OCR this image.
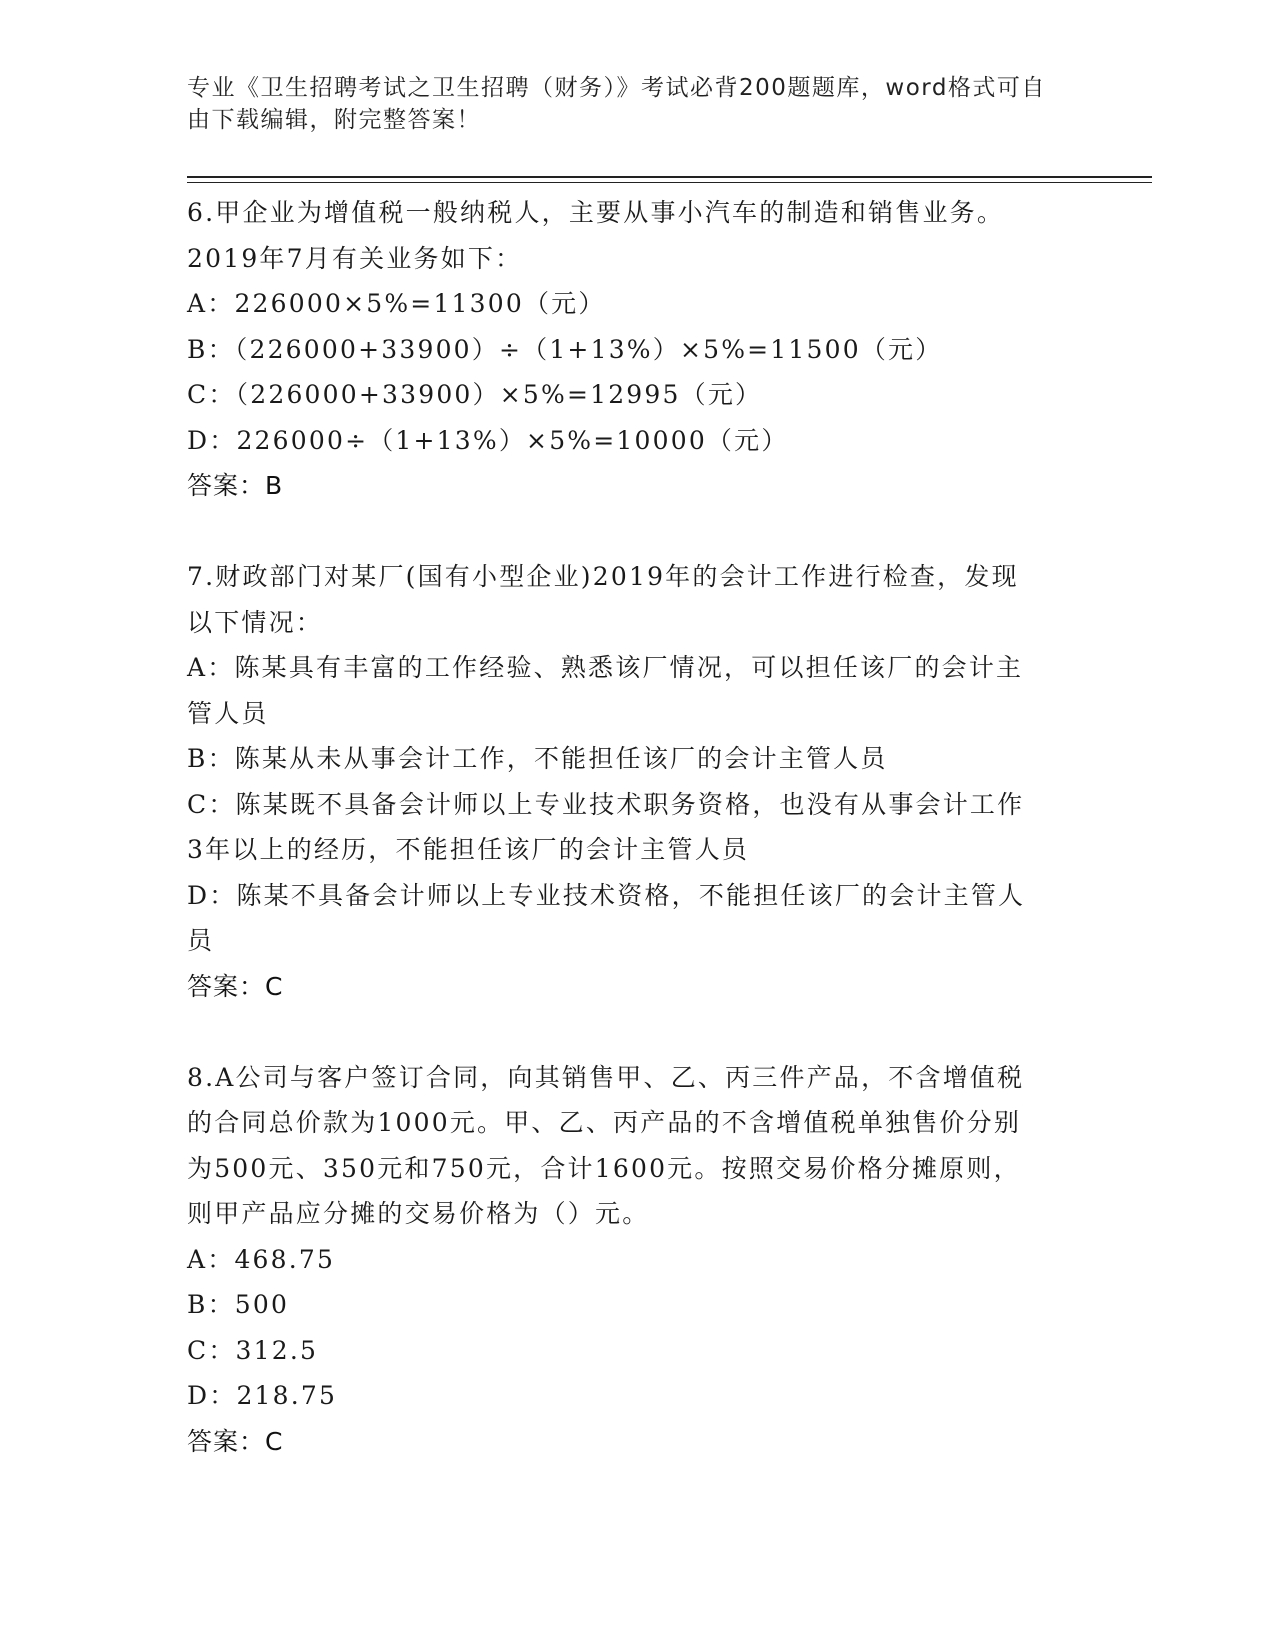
专业《卫生招聘考试之卫生招聘（财务）》考试必背200题题库，word格式可自
由下载编辑，附完整答案！
6.甲企业为增值税一般纳税人，主要从事小汽车的制造和销售业务。
2019年7月有关业务如下：
A：226000×5%=11300（元）
B：（226000+33900）÷（1+13%）×5%=11500（元）
C：（226000+33900）×5%=12995（元）
D：226000÷（1+13%）×5%=10000（元）
答案：B
7.财政部门对某厂(国有小型企业)2019年的会计工作进行检查，发现
以下情况：
A：陈某具有丰富的工作经验、熟悉该厂情况，可以担任该厂的会计主
管人员
B：陈某从未从事会计工作，不能担任该厂的会计主管人员
C：陈某既不具备会计师以上专业技术职务资格，也没有从事会计工作
3年以上的经历，不能担任该厂的会计主管人员
D：陈某不具备会计师以上专业技术资格，不能担任该厂的会计主管人
员
答案：C
8.A公司与客户签订合同，向其销售甲、乙、丙三件产品，不含增值税
的合同总价款为1000元。甲、乙、丙产品的不含增值税单独售价分别
为500元、350元和750元，合计1600元。按照交易价格分摊原则，
则甲产品应分摊的交易价格为（）元。
A：468.75
B：500
C：312.5
D：218.75
答案：C
